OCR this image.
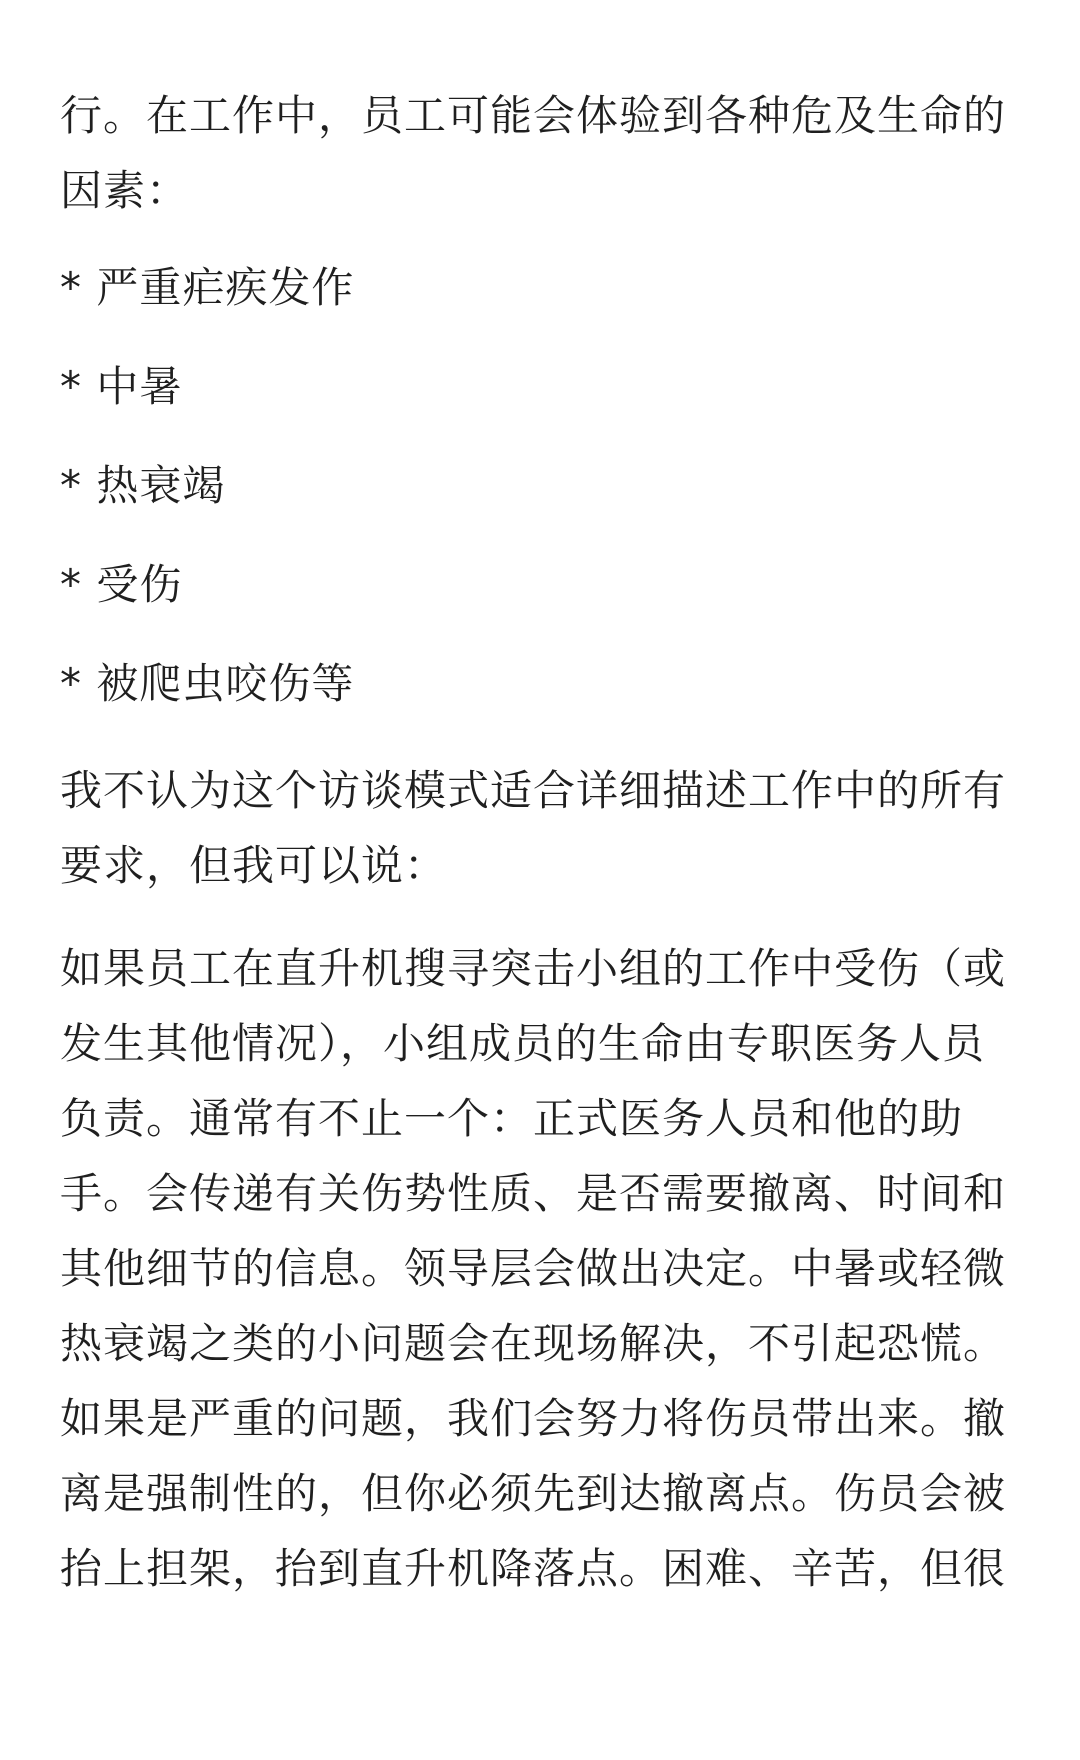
行。在工作中，员工可能会体验到各种危及生命的因素：

* 严重疟疾发作

* 中暑

* 热衰竭

* 受伤

* 被爬虫咬伤等

我不认为这个访谈模式适合详细描述工作中的所有要求，但我可以说：

如果员工在直升机搜寻突击小组的工作中受伤（或发生其他情况），小组成员的生命由专职医务人员负责。通常有不止一个：正式医务人员和他的助手。会传递有关伤势性质、是否需要撤离、时间和其他细节的信息。领导层会做出决定。中暑或轻微热衰竭之类的小问题会在现场解决，不引起恐慌。如果是严重的问题，我们会努力将伤员带出来。撤离是强制性的，但你必须先到达撤离点。伤员会被抬上担架，抬到直升机降落点。困难、辛苦，但很
